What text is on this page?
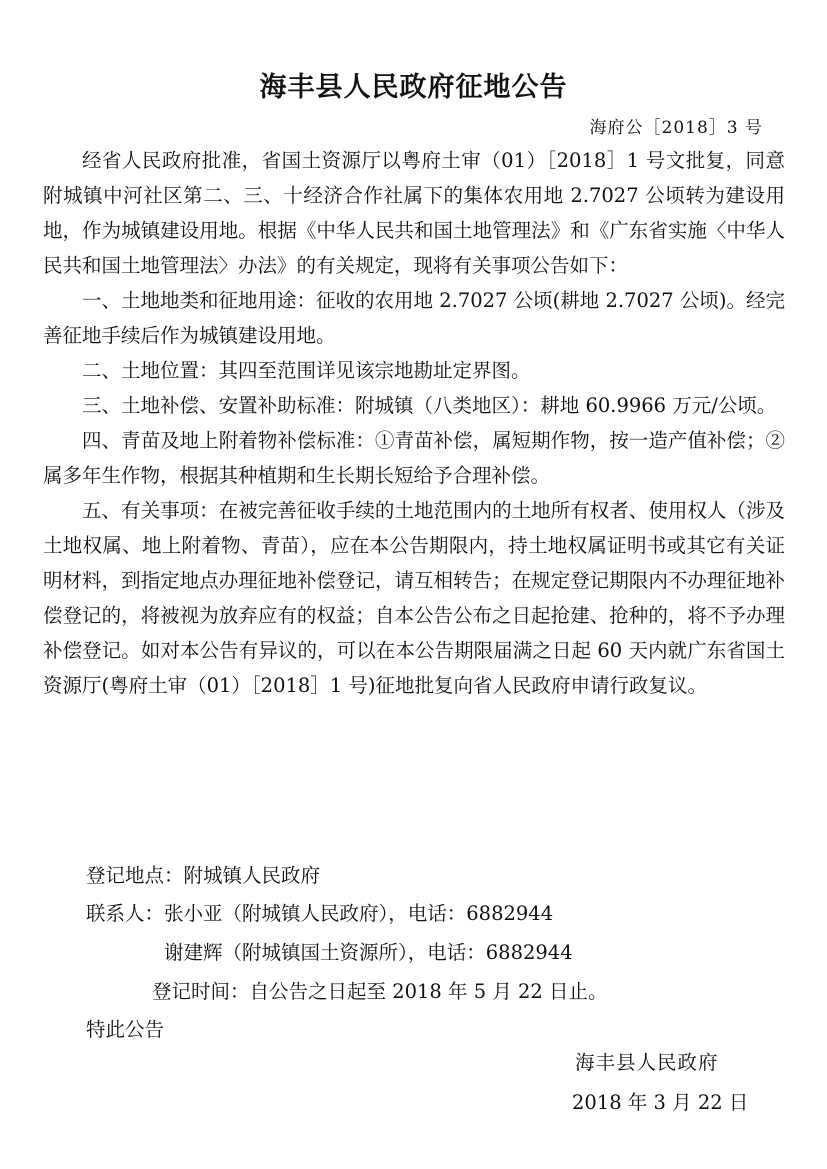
海丰县人民政府征地公告
海府公［2018］3 号

经省人民政府批准，省国土资源厅以粤府土审（01）［2018］1 号文批复，同意附城镇中河社区第二、三、十经济合作社属下的集体农用地 2.7027 公顷转为建设用地，作为城镇建设用地。根据《中华人民共和国土地管理法》和《广东省实施〈中华人民共和国土地管理法〉办法》的有关规定，现将有关事项公告如下：

一、土地地类和征地用途：征收的农用地 2.7027 公顷(耕地 2.7027 公顷)。经完善征地手续后作为城镇建设用地。

二、土地位置：其四至范围详见该宗地勘址定界图。

三、土地补偿、安置补助标准：附城镇（八类地区）：耕地 60.9966 万元/公顷。

四、青苗及地上附着物补偿标准：①青苗补偿，属短期作物，按一造产值补偿；②属多年生作物，根据其种植期和生长期长短给予合理补偿。

五、有关事项：在被完善征收手续的土地范围内的土地所有权者、使用权人（涉及土地权属、地上附着物、青苗），应在本公告期限内，持土地权属证明书或其它有关证明材料，到指定地点办理征地补偿登记，请互相转告；在规定登记期限内不办理征地补偿登记的，将被视为放弃应有的权益；自本公告公布之日起抢建、抢种的，将不予办理补偿登记。如对本公告有异议的，可以在本公告期限届满之日起 60 天内就广东省国土资源厅(粤府土审（01）［2018］1 号)征地批复向省人民政府申请行政复议。

登记地点：附城镇人民政府
联系人：张小亚（附城镇人民政府），电话：6882944
谢建辉（附城镇国土资源所），电话：6882944
登记时间：自公告之日起至 2018 年 5 月 22 日止。
特此公告
海丰县人民政府
2018 年 3 月 22 日
